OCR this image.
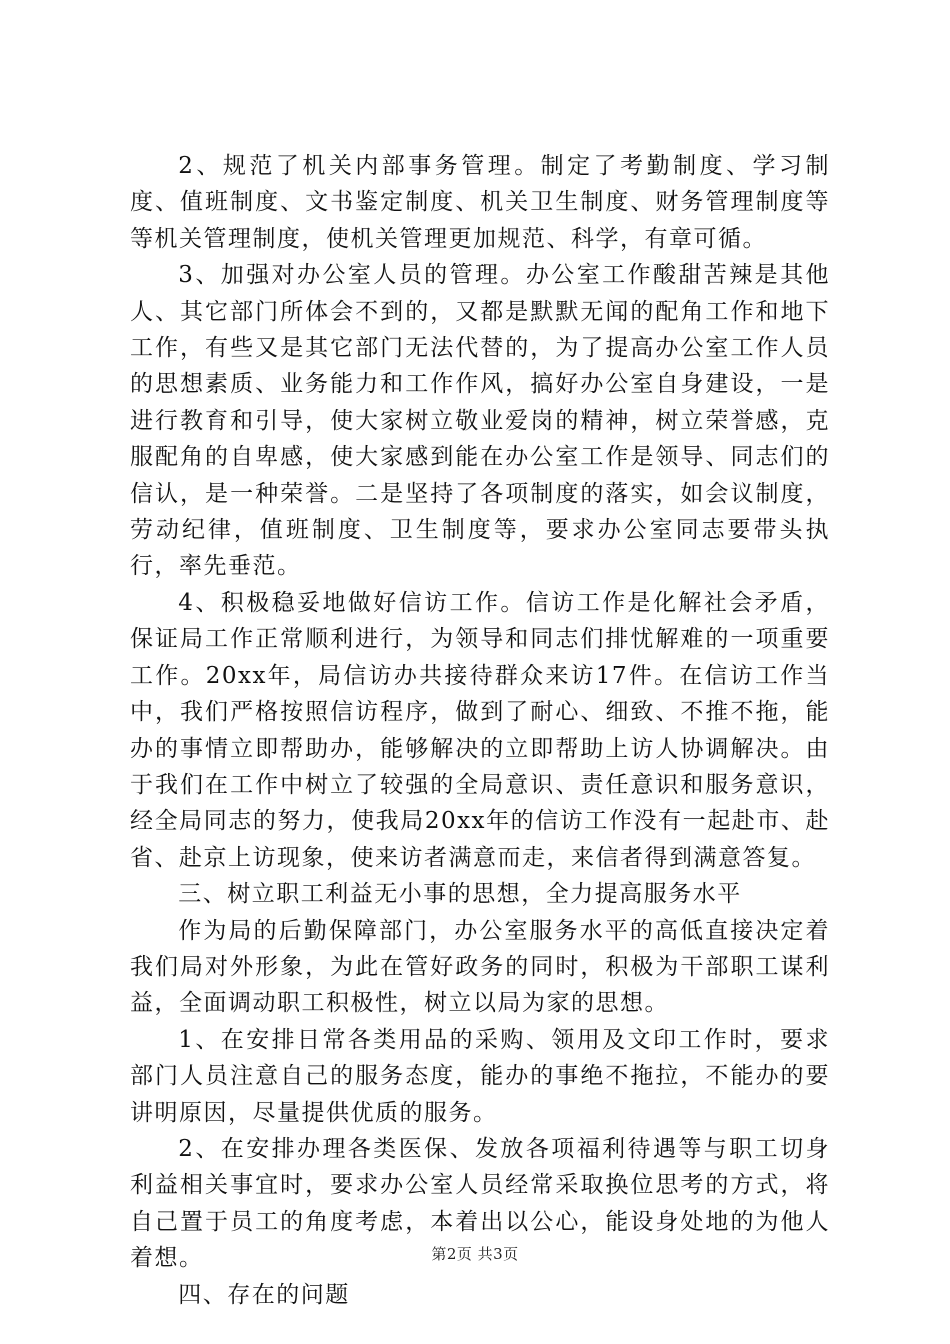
2、规范了机关内部事务管理。制定了考勤制度、学习制度、值班制度、文书鉴定制度、机关卫生制度、财务管理制度等等机关管理制度，使机关管理更加规范、科学，有章可循。

3、加强对办公室人员的管理。办公室工作酸甜苦辣是其他人、其它部门所体会不到的，又都是默默无闻的配角工作和地下工作，有些又是其它部门无法代替的，为了提高办公室工作人员的思想素质、业务能力和工作作风，搞好办公室自身建设，一是进行教育和引导，使大家树立敬业爱岗的精神，树立荣誉感，克服配角的自卑感，使大家感到能在办公室工作是领导、同志们的信认，是一种荣誉。二是坚持了各项制度的落实，如会议制度，劳动纪律，值班制度、卫生制度等，要求办公室同志要带头执行，率先垂范。

4、积极稳妥地做好信访工作。信访工作是化解社会矛盾，保证局工作正常顺利进行，为领导和同志们排忧解难的一项重要工作。20xx年，局信访办共接待群众来访17件。在信访工作当中，我们严格按照信访程序，做到了耐心、细致、不推不拖，能办的事情立即帮助办，能够解决的立即帮助上访人协调解决。由于我们在工作中树立了较强的全局意识、责任意识和服务意识，经全局同志的努力，使我局20xx年的信访工作没有一起赴市、赴省、赴京上访现象，使来访者满意而走，来信者得到满意答复。

三、树立职工利益无小事的思想，全力提高服务水平

作为局的后勤保障部门，办公室服务水平的高低直接决定着我们局对外形象，为此在管好政务的同时，积极为干部职工谋利益，全面调动职工积极性，树立以局为家的思想。

1、在安排日常各类用品的采购、领用及文印工作时，要求部门人员注意自己的服务态度，能办的事绝不拖拉，不能办的要讲明原因，尽量提供优质的服务。

2、在安排办理各类医保、发放各项福利待遇等与职工切身利益相关事宜时，要求办公室人员经常采取换位思考的方式，将自己置于员工的角度考虑，本着出以公心，能设身处地的为他人着想。

四、存在的问题

第2页 共3页
